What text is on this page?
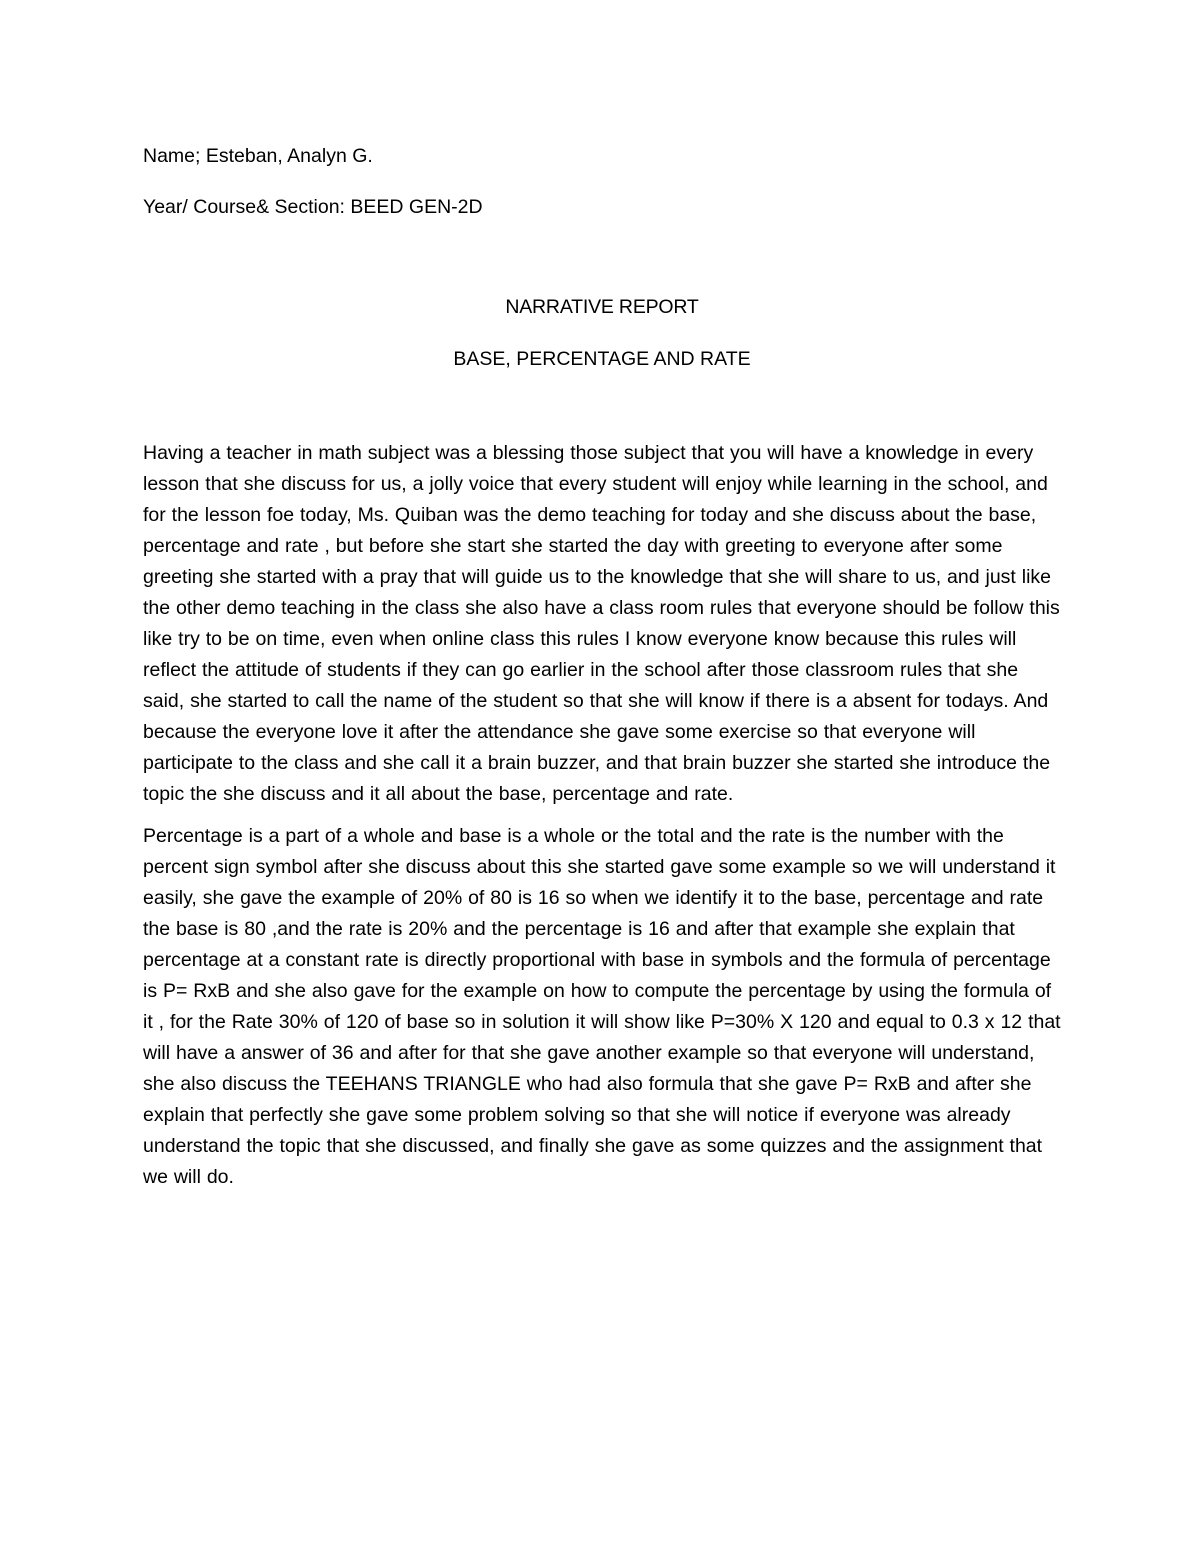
Name; Esteban, Analyn G.

Year/ Course& Section: BEED GEN-2D

NARRATIVE REPORT
BASE, PERCENTAGE AND RATE

Having a teacher in math subject was a blessing those subject that you will have a knowledge in every lesson that she discuss for us, a jolly voice that every student will enjoy while learning in the school, and for the lesson foe today, Ms. Quiban was the demo teaching for today and she discuss about the base, percentage and rate , but before she start she started the day with greeting to everyone after some greeting she started with a pray that will guide us to the knowledge that she will share to us, and just like the other demo teaching in the class she also have a class room rules that everyone should be follow this like try to be on time, even when online class this rules I know everyone know because this rules will reflect the attitude of students if they can go earlier in the school after those classroom rules that she said, she started to call the name of the student so that she will know if there is a absent for todays. And because the everyone love it after the attendance she gave some exercise so that everyone will participate to the class and she call it a brain buzzer, and that brain buzzer she started she introduce the topic the she discuss and it all about the base, percentage and rate.

Percentage is a part of a whole and base is a whole or the total and the rate is the number with the percent sign symbol after she discuss about this she started gave some example so we will understand it easily, she gave the example of 20% of 80 is 16 so when we identify it to the base, percentage and rate the base is 80 ,and the rate is 20% and the percentage is 16 and after that example she explain that percentage at a constant rate is directly proportional with base in symbols and the formula of percentage is P= RxB and she also gave for the example on how to compute the percentage by using the formula of it , for the Rate 30% of 120 of base so in solution it will show like P=30% X 120 and equal to 0.3 x 12 that will have a answer of 36 and after for that she gave another example so that everyone will understand, she also discuss the TEEHANS TRIANGLE who had also formula that she gave P= RxB and after she explain that perfectly she gave some problem solving so that she will notice if everyone was already understand the topic that she discussed, and finally she gave as some quizzes and the assignment that we will do.
